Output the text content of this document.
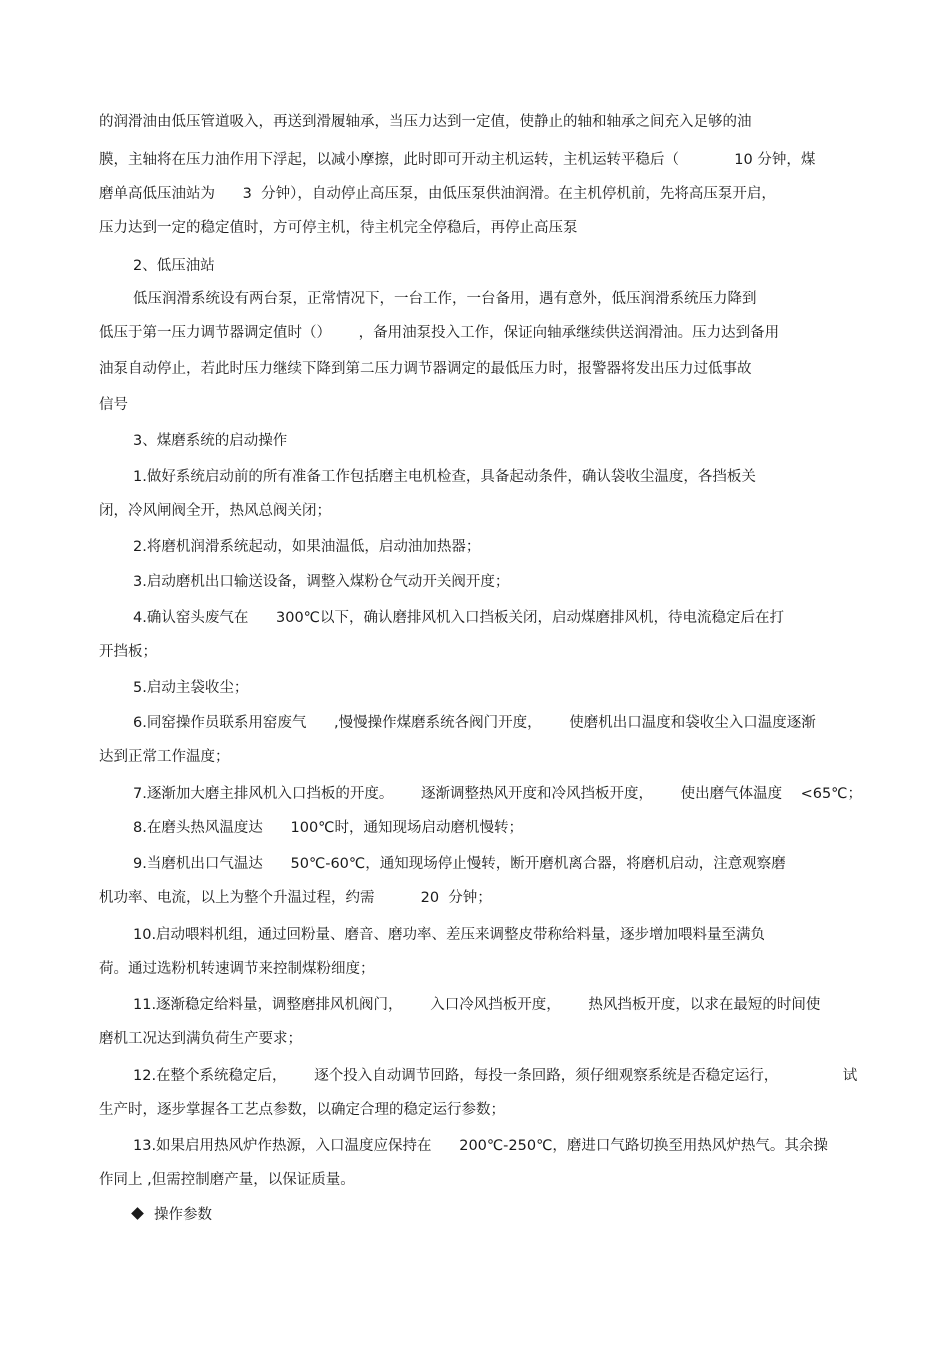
的润滑油由低压管道吸入，再送到滑履轴承，当压力达到一定值，使静止的轴和轴承之间充入足够的油
膜，主轴将在压力油作用下浮起，以减小摩擦，此时即可开动主机运转，主机运转平稳后（            10 分钟，煤
磨单高低压油站为      3  分钟），自动停止高压泵，由低压泵供油润滑。在主机停机前，先将高压泵开启，
压力达到一定的稳定值时，方可停主机，待主机完全停稳后，再停止高压泵
2、低压油站
低压润滑系统设有两台泵，正常情况下，一台工作，一台备用，遇有意外，低压润滑系统压力降到
低压于第一压力调节器调定值时（）      ，备用油泵投入工作，保证向轴承继续供送润滑油。压力达到备用
油泵自动停止，若此时压力继续下降到第二压力调节器调定的最低压力时，报警器将发出压力过低事故
信号
3、煤磨系统的启动操作
1.做好系统启动前的所有准备工作包括磨主电机检查，具备起动条件，确认袋收尘温度，各挡板关
闭，冷风闸阀全开，热风总阀关闭；
2.将磨机润滑系统起动，如果油温低，启动油加热器；
3.启动磨机出口输送设备，调整入煤粉仓气动开关阀开度；
4.确认窑头废气在      300℃以下，确认磨排风机入口挡板关闭，启动煤磨排风机，待电流稳定后在打
开挡板；
5.启动主袋收尘；
6.同窑操作员联系用窑废气      ,慢慢操作煤磨系统各阀门开度，      使磨机出口温度和袋收尘入口温度逐渐
达到正常工作温度；
7.逐渐加大磨主排风机入口挡板的开度。      逐渐调整热风开度和冷风挡板开度，      使出磨气体温度    <65℃；
8.在磨头热风温度达      100℃时，通知现场启动磨机慢转；
9.当磨机出口气温达      50℃-60℃，通知现场停止慢转，断开磨机离合器，将磨机启动，注意观察磨
机功率、电流，以上为整个升温过程，约需          20  分钟；
10.启动喂料机组，通过回粉量、磨音、磨功率、差压来调整皮带称给料量，逐步增加喂料量至满负
荷。通过选粉机转速调节来控制煤粉细度；
11.逐渐稳定给料量，调整磨排风机阀门，      入口冷风挡板开度，      热风挡板开度，以求在最短的时间使
磨机工况达到满负荷生产要求；
12.在整个系统稳定后，      逐个投入自动调节回路，每投一条回路，须仔细观察系统是否稳定运行，              试
生产时，逐步掌握各工艺点参数，以确定合理的稳定运行参数；
13.如果启用热风炉作热源，入口温度应保持在      200℃-250℃，磨进口气路切换至用热风炉热气。其余操
作同上 ,但需控制磨产量，以保证质量。
操作参数
